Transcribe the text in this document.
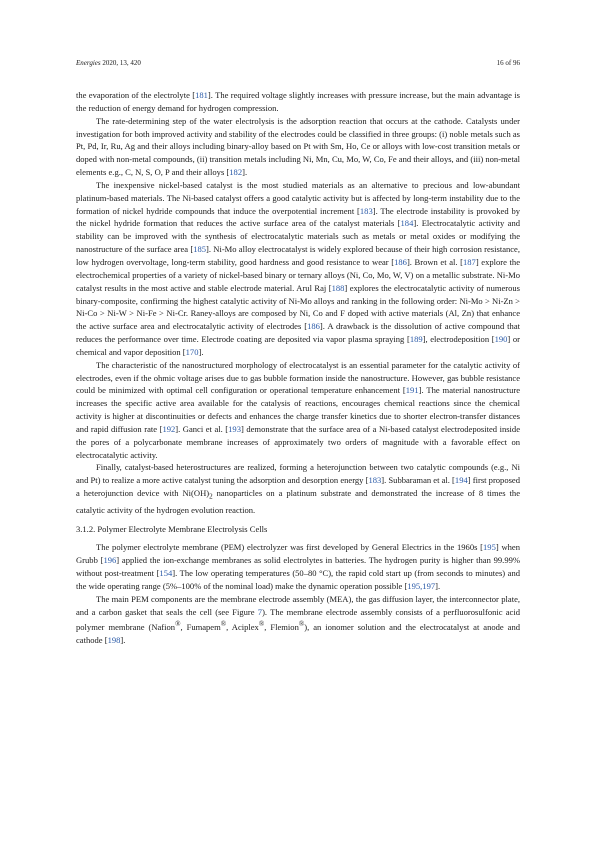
Energies 2020, 13, 420	16 of 96

the evaporation of the electrolyte [181]. The required voltage slightly increases with pressure increase, but the main advantage is the reduction of energy demand for hydrogen compression.

The rate-determining step of the water electrolysis is the adsorption reaction that occurs at the cathode. Catalysts under investigation for both improved activity and stability of the electrodes could be classified in three groups: (i) noble metals such as Pt, Pd, Ir, Ru, Ag and their alloys including binary-alloy based on Pt with Sm, Ho, Ce or alloys with low-cost transition metals or doped with non-metal compounds, (ii) transition metals including Ni, Mn, Cu, Mo, W, Co, Fe and their alloys, and (iii) non-metal elements e.g., C, N, S, O, P and their alloys [182].

The inexpensive nickel-based catalyst is the most studied materials as an alternative to precious and low-abundant platinum-based materials. The Ni-based catalyst offers a good catalytic activity but is affected by long-term instability due to the formation of nickel hydride compounds that induce the overpotential increment [183]. The electrode instability is provoked by the nickel hydride formation that reduces the active surface area of the catalyst materials [184]. Electrocatalytic activity and stability can be improved with the synthesis of electrocatalytic materials such as metals or metal oxides or modifying the nanostructure of the surface area [185]. Ni-Mo alloy electrocatalyst is widely explored because of their high corrosion resistance, low hydrogen overvoltage, long-term stability, good hardness and good resistance to wear [186]. Brown et al. [187] explore the electrochemical properties of a variety of nickel-based binary or ternary alloys (Ni, Co, Mo, W, V) on a metallic substrate. Ni-Mo catalyst results in the most active and stable electrode material. Arul Raj [188] explores the electrocatalytic activity of numerous binary-composite, confirming the highest catalytic activity of Ni-Mo alloys and ranking in the following order: Ni-Mo > Ni-Zn > Ni-Co > Ni-W > Ni-Fe > Ni-Cr. Raney-alloys are composed by Ni, Co and F doped with active materials (Al, Zn) that enhance the active surface area and electrocatalytic activity of electrodes [186]. A drawback is the dissolution of active compound that reduces the performance over time. Electrode coating are deposited via vapor plasma spraying [189], electrodeposition [190] or chemical and vapor deposition [170].

The characteristic of the nanostructured morphology of electrocatalyst is an essential parameter for the catalytic activity of electrodes, even if the ohmic voltage arises due to gas bubble formation inside the nanostructure. However, gas bubble resistance could be minimized with optimal cell configuration or operational temperature enhancement [191]. The material nanostructure increases the specific active area available for the catalysis of reactions, encourages chemical reactions since the chemical activity is higher at discontinuities or defects and enhances the charge transfer kinetics due to shorter electron-transfer distances and rapid diffusion rate [192]. Ganci et al. [193] demonstrate that the surface area of a Ni-based catalyst electrodeposited inside the pores of a polycarbonate membrane increases of approximately two orders of magnitude with a favorable effect on electrocatalytic activity.

Finally, catalyst-based heterostructures are realized, forming a heterojunction between two catalytic compounds (e.g., Ni and Pt) to realize a more active catalyst tuning the adsorption and desorption energy [183]. Subbaraman et al. [194] first proposed a heterojunction device with $Ni(OH)_2$ nanoparticles on a platinum substrate and demonstrated the increase of 8 times the catalytic activity of the hydrogen evolution reaction.

3.1.2. Polymer Electrolyte Membrane Electrolysis Cells

The polymer electrolyte membrane (PEM) electrolyzer was first developed by General Electrics in the 1960s [195] when Grubb [196] applied the ion-exchange membranes as solid electrolytes in batteries. The hydrogen purity is higher than 99.99% without post-treatment [154]. The low operating temperatures (50–80 °C), the rapid cold start up (from seconds to minutes) and the wide operating range (5%–100% of the nominal load) make the dynamic operation possible [195,197].

The main PEM components are the membrane electrode assembly (MEA), the gas diffusion layer, the interconnector plate, and a carbon gasket that seals the cell (see Figure 7). The membrane electrode assembly consists of a perfluorosulfonic acid polymer membrane (Nafion®, Fumapem®, Aciplex®, Flemion®), an ionomer solution and the electrocatalyst at anode and cathode [198].
